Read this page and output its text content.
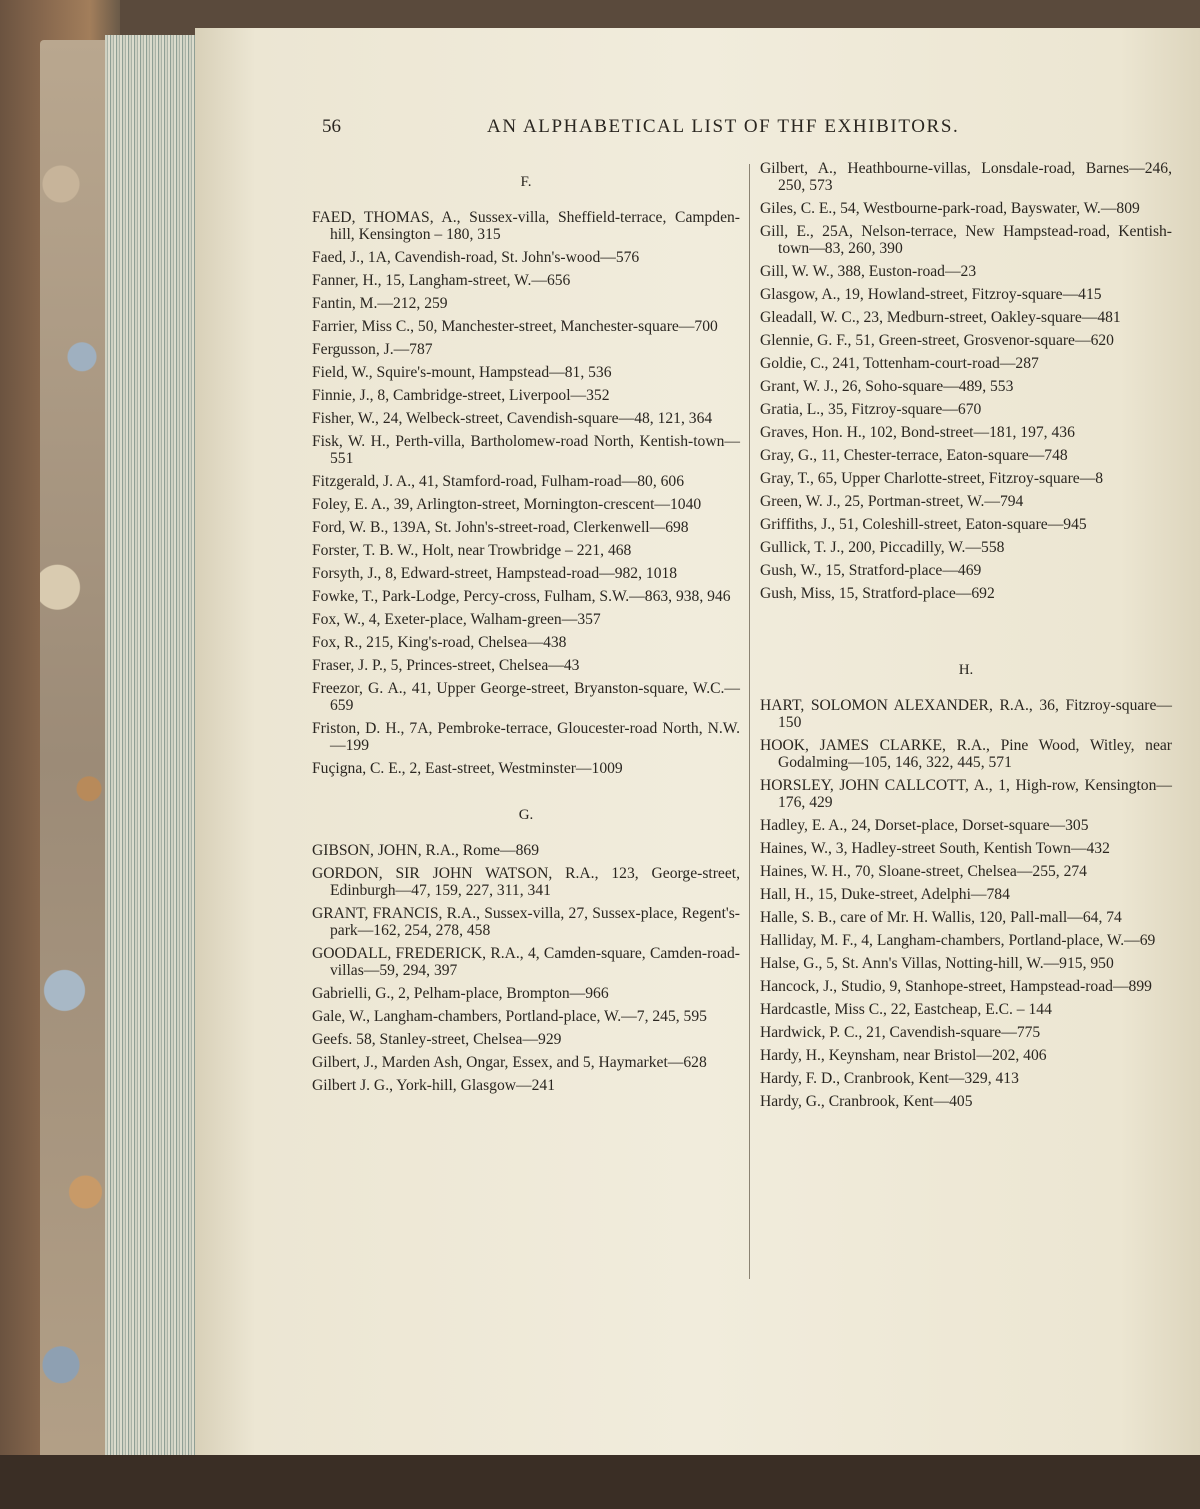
56	AN ALPHABETICAL LIST OF THF EXHIBITORS.
F.
FAED, THOMAS, A., Sussex-villa, Sheffield-terrace, Campden-hill, Kensington – 180, 315
Faed, J., 1A, Cavendish-road, St. John's-wood—576
Fanner, H., 15, Langham-street, W.—656
Fantin, M.—212, 259
Farrier, Miss C., 50, Manchester-street, Manchester-square—700
Fergusson, J.—787
Field, W., Squire's-mount, Hampstead—81, 536
Finnie, J., 8, Cambridge-street, Liverpool—352
Fisher, W., 24, Welbeck-street, Cavendish-square—48, 121, 364
Fisk, W. H., Perth-villa, Bartholomew-road North, Kentish-town—551
Fitzgerald, J. A., 41, Stamford-road, Fulham-road—80, 606
Foley, E. A., 39, Arlington-street, Mornington-crescent—1040
Ford, W. B., 139A, St. John's-street-road, Clerkenwell—698
Forster, T. B. W., Holt, near Trowbridge – 221, 468
Forsyth, J., 8, Edward-street, Hampstead-road—982, 1018
Fowke, T., Park-Lodge, Percy-cross, Fulham, S.W.—863, 938, 946
Fox, W., 4, Exeter-place, Walham-green—357
Fox, R., 215, King's-road, Chelsea—438
Fraser, J. P., 5, Princes-street, Chelsea—43
Freezor, G. A., 41, Upper George-street, Bryanston-square, W.C.—659
Friston, D. H., 7A, Pembroke-terrace, Gloucester-road North, N.W.—199
Fuçigna, C. E., 2, East-street, Westminster—1009
G.
GIBSON, JOHN, R.A., Rome—869
GORDON, SIR JOHN WATSON, R.A., 123, George-street, Edinburgh—47, 159, 227, 311, 341
GRANT, FRANCIS, R.A., Sussex-villa, 27, Sussex-place, Regent's-park—162, 254, 278, 458
GOODALL, FREDERICK, R.A., 4, Camden-square, Camden-road-villas—59, 294, 397
Gabrielli, G., 2, Pelham-place, Brompton—966
Gale, W., Langham-chambers, Portland-place, W.—7, 245, 595
Geefs. 58, Stanley-street, Chelsea—929
Gilbert, J., Marden Ash, Ongar, Essex, and 5, Haymarket—628
Gilbert J. G., York-hill, Glasgow—241
Gilbert, A., Heathbourne-villas, Lonsdale-road, Barnes—246, 250, 573
Giles, C. E., 54, Westbourne-park-road, Bayswater, W.—809
Gill, E., 25A, Nelson-terrace, New Hampstead-road, Kentish-town—83, 260, 390
Gill, W. W., 388, Euston-road—23
Glasgow, A., 19, Howland-street, Fitzroy-square—415
Gleadall, W. C., 23, Medburn-street, Oakley-square—481
Glennie, G. F., 51, Green-street, Grosvenor-square—620
Goldie, C., 241, Tottenham-court-road—287
Grant, W. J., 26, Soho-square—489, 553
Gratia, L., 35, Fitzroy-square—670
Graves, Hon. H., 102, Bond-street—181, 197, 436
Gray, G., 11, Chester-terrace, Eaton-square—748
Gray, T., 65, Upper Charlotte-street, Fitzroy-square—8
Green, W. J., 25, Portman-street, W.—794
Griffiths, J., 51, Coleshill-street, Eaton-square—945
Gullick, T. J., 200, Piccadilly, W.—558
Gush, W., 15, Stratford-place—469
Gush, Miss, 15, Stratford-place—692
H.
HART, SOLOMON ALEXANDER, R.A., 36, Fitzroy-square—150
HOOK, JAMES CLARKE, R.A., Pine Wood, Witley, near Godalming—105, 146, 322, 445, 571
HORSLEY, JOHN CALLCOTT, A., 1, High-row, Kensington—176, 429
Hadley, E. A., 24, Dorset-place, Dorset-square—305
Haines, W., 3, Hadley-street South, Kentish Town—432
Haines, W. H., 70, Sloane-street, Chelsea—255, 274
Hall, H., 15, Duke-street, Adelphi—784
Halle, S. B., care of Mr. H. Wallis, 120, Pall-mall—64, 74
Halliday, M. F., 4, Langham-chambers, Portland-place, W.—69
Halse, G., 5, St. Ann's Villas, Notting-hill, W.—915, 950
Hancock, J., Studio, 9, Stanhope-street, Hampstead-road—899
Hardcastle, Miss C., 22, Eastcheap, E.C. – 144
Hardwick, P. C., 21, Cavendish-square—775
Hardy, H., Keynsham, near Bristol—202, 406
Hardy, F. D., Cranbrook, Kent—329, 413
Hardy, G., Cranbrook, Kent—405
